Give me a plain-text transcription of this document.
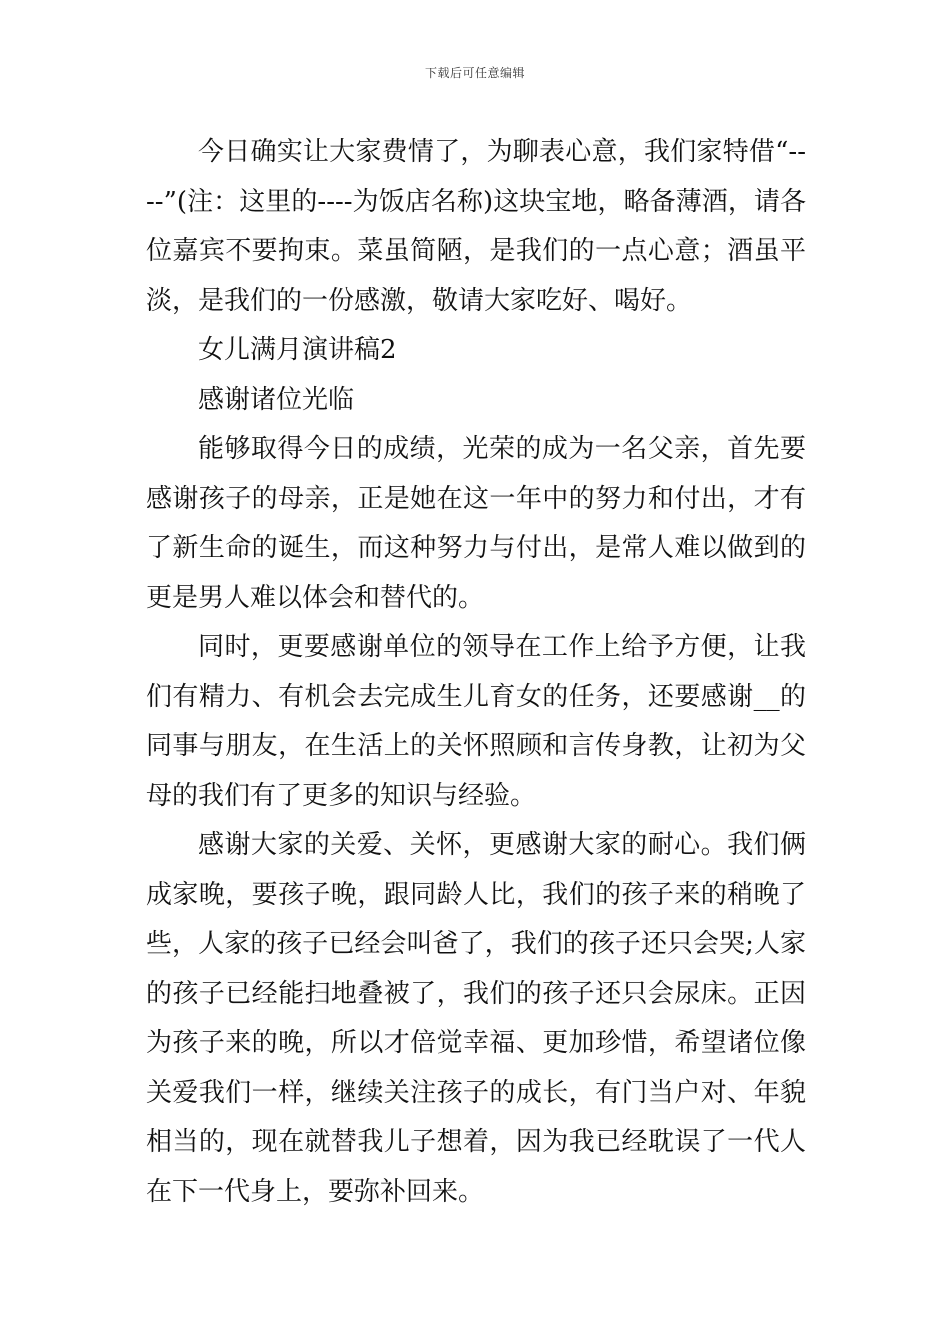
下载后可任意编辑

今日确实让大家费情了，为聊表心意，我们家特借“----”(注：这里的----为饭店名称)这块宝地，略备薄酒，请各位嘉宾不要拘束。菜虽简陋，是我们的一点心意；酒虽平淡，是我们的一份感激，敬请大家吃好、喝好。

女儿满月演讲稿2

感谢诸位光临

能够取得今日的成绩，光荣的成为一名父亲，首先要感谢孩子的母亲，正是她在这一年中的努力和付出，才有了新生命的诞生，而这种努力与付出，是常人难以做到的更是男人难以体会和替代的。

同时，更要感谢单位的领导在工作上给予方便，让我们有精力、有机会去完成生儿育女的任务，还要感谢__的同事与朋友，在生活上的关怀照顾和言传身教，让初为父母的我们有了更多的知识与经验。

感谢大家的关爱、关怀，更感谢大家的耐心。我们俩成家晚，要孩子晚，跟同龄人比，我们的孩子来的稍晚了些，人家的孩子已经会叫爸了，我们的孩子还只会哭;人家的孩子已经能扫地叠被了，我们的孩子还只会尿床。正因为孩子来的晚，所以才倍觉幸福、更加珍惜，希望诸位像关爱我们一样，继续关注孩子的成长，有门当户对、年貌相当的，现在就替我儿子想着，因为我已经耽误了一代人在下一代身上，要弥补回来。
